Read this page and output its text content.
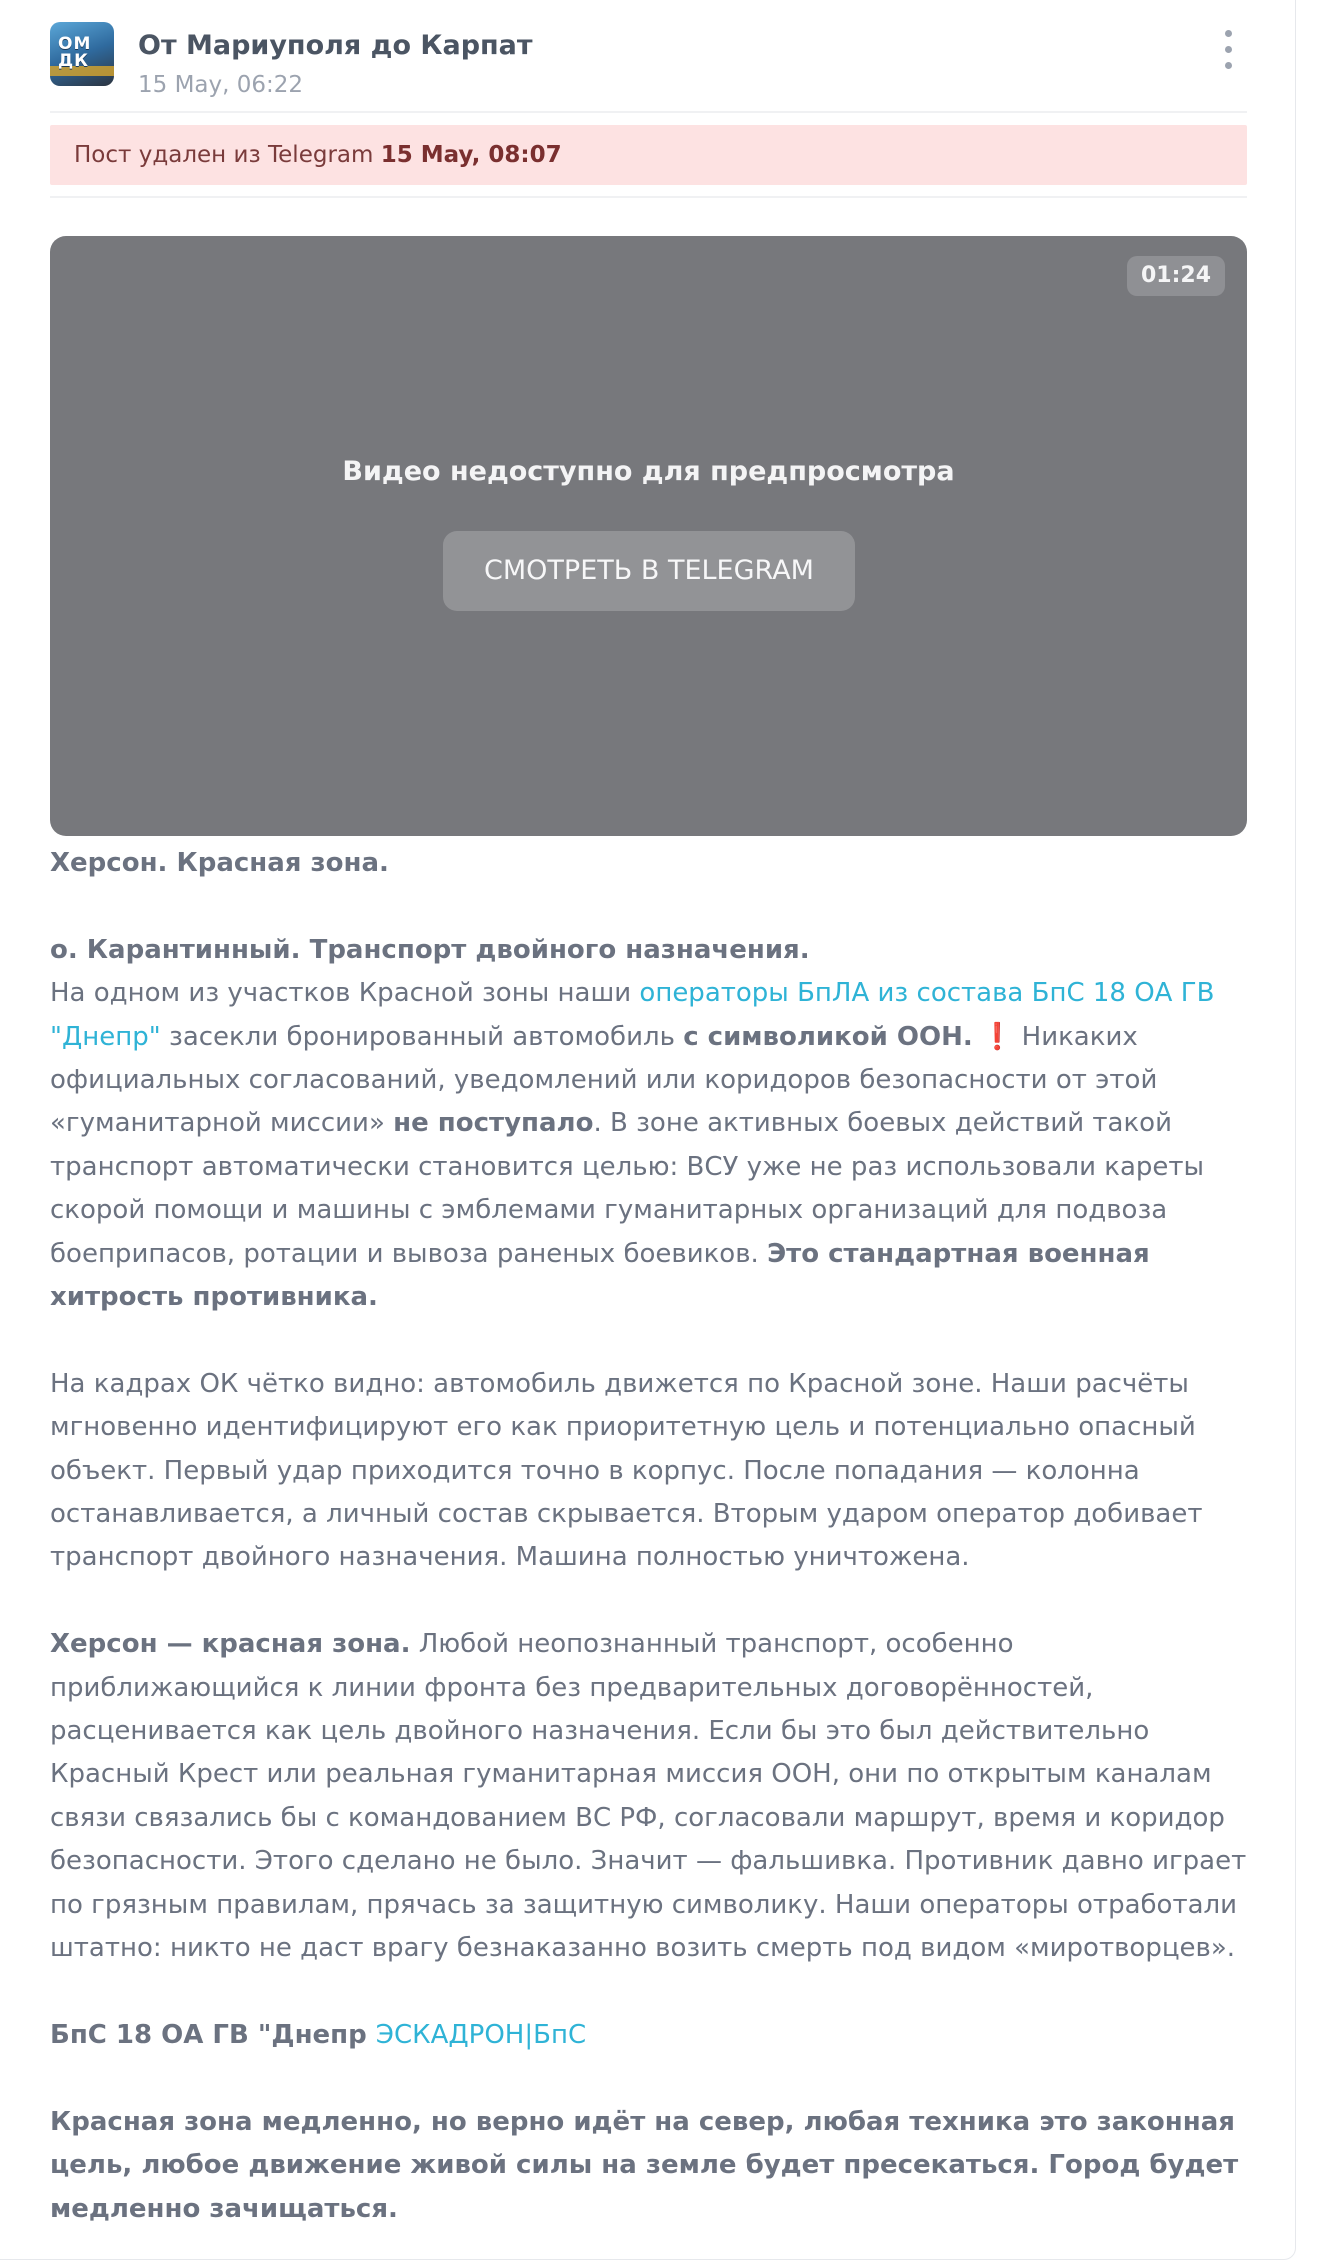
ОМ ДК	От Мариуполя до Карпат
15 May, 06:22
Пост удален из Telegram 15 May, 08:07
01:24
Видео недоступно для предпросмотра
СМОТРЕТЬ В TELEGRAM

Херсон. Красная зона.

о. Карантинный. Транспорт двойного назначения.
На одном из участков Красной зоны наши операторы БпЛА из состава БпС 18 ОА ГВ "Днепр" засекли бронированный автомобиль с символикой ООН. ❗ Никаких официальных согласований, уведомлений или коридоров безопасности от этой «гуманитарной миссии» не поступало. В зоне активных боевых действий такой транспорт автоматически становится целью: ВСУ уже не раз использовали кареты скорой помощи и машины с эмблемами гуманитарных организаций для подвоза боеприпасов, ротации и вывоза раненых боевиков. Это стандартная военная хитрость противника.

На кадрах ОК чётко видно: автомобиль движется по Красной зоне. Наши расчёты мгновенно идентифицируют его как приоритетную цель и потенциально опасный объект. Первый удар приходится точно в корпус. После попадания — колонна останавливается, а личный состав скрывается. Вторым ударом оператор добивает транспорт двойного назначения. Машина полностью уничтожена.

Херсон — красная зона. Любой неопознанный транспорт, особенно приближающийся к линии фронта без предварительных договорённостей, расценивается как цель двойного назначения. Если бы это был действительно Красный Крест или реальная гуманитарная миссия ООН, они по открытым каналам связи связались бы с командованием ВС РФ, согласовали маршрут, время и коридор безопасности. Этого сделано не было. Значит — фальшивка. Противник давно играет по грязным правилам, прячась за защитную символику. Наши операторы отработали штатно: никто не даст врагу безнаказанно возить смерть под видом «миротворцев».

БпС 18 ОА ГВ "Днепр ЭСКАДРОН|БпС

Красная зона медленно, но верно идёт на север, любая техника это законная цель, любое движение живой силы на земле будет пресекаться. Город будет медленно зачищаться.
